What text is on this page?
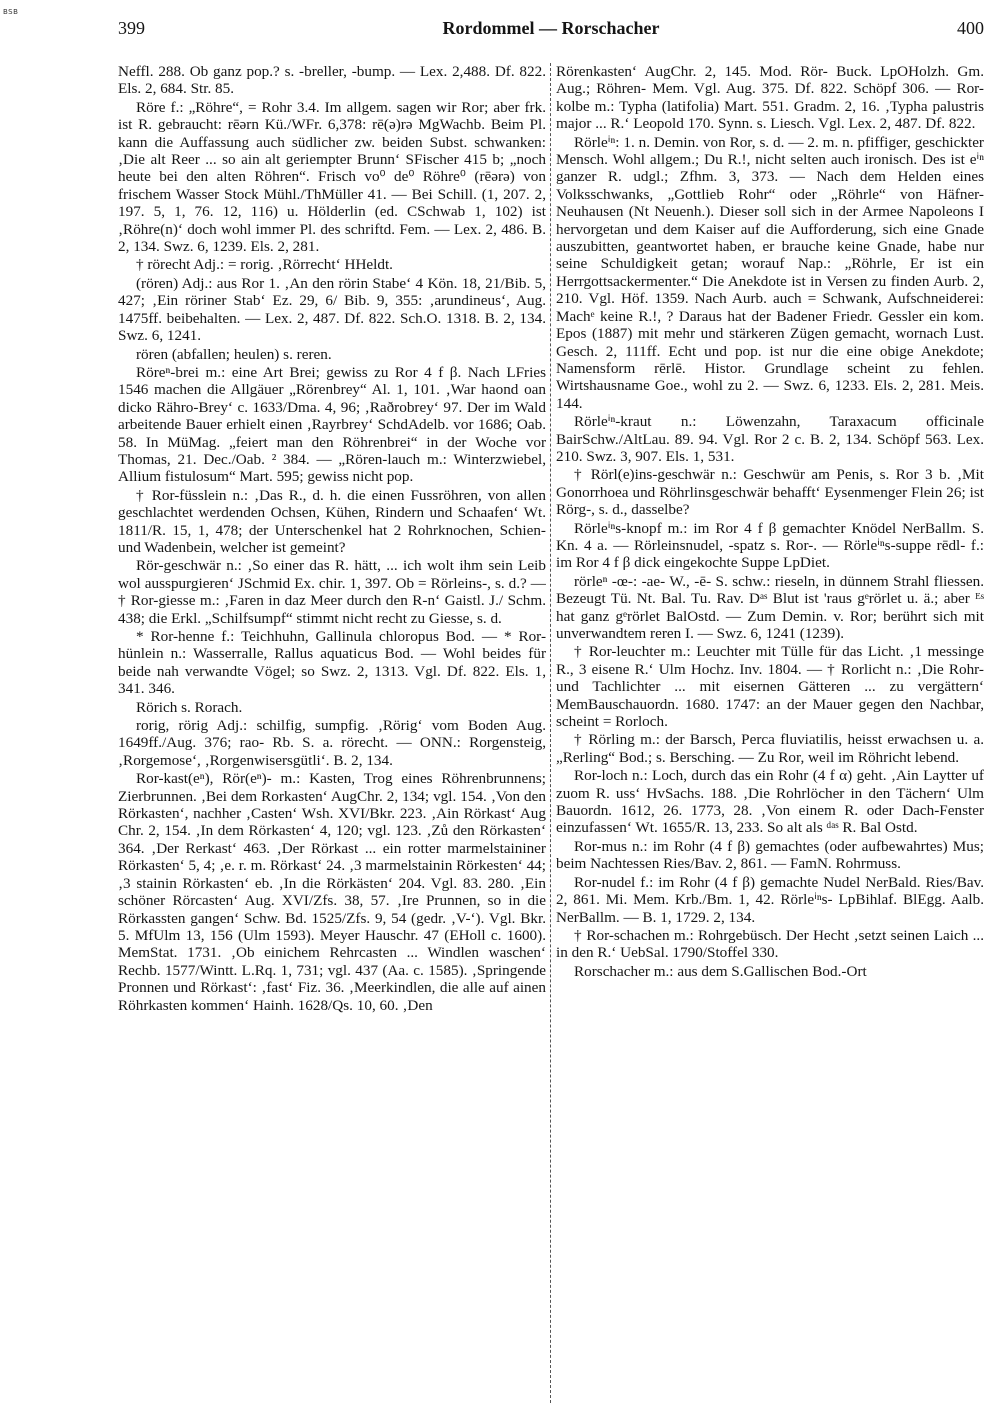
BSB
399	Rordommel — Rorschacher	400

Neffl. 288. Ob ganz pop.? s. -breller, -bump. — Lex. 2,488. Df. 822. Els. 2, 684. Str. 85.

Röre f.: „Röhre“, = Rohr 3.4. Im allgem. sagen wir Ror; aber frk. ist R. gebraucht: rēərn Kü./WFr. 6,378: rē(ə)rə MgWachb. Beim Pl. kann die Auffassung auch südlicher zw. beiden Subst. schwanken: ‚Die alt Reer ... so ain alt geriempter Brunn‘ SFischer 415 b; „noch heute bei den alten Röhren“. Frisch vo⁰ de⁰ Röhre⁰ (rēərə) von frischem Wasser Stock Mühl./ThMüller 41. — Bei Schill. (1, 207. 2, 197. 5, 1, 76. 12, 116) u. Hölderlin (ed. CSchwab 1, 102) ist ‚Röhre(n)‘ doch wohl immer Pl. des schriftd. Fem. — Lex. 2, 486. B. 2, 134. Swz. 6, 1239. Els. 2, 281.

† rörecht Adj.: = rorig. ‚Rörrecht‘ HHeldt.

(rören) Adj.: aus Ror 1. ‚An den rörin Stabe‘ 4 Kön. 18, 21/Bib. 5, 427; ‚Ein röriner Stab‘ Ez. 29, 6/ Bib. 9, 355: ‚arundineus‘, Aug. 1475ff. beibehalten. — Lex. 2, 487. Df. 822. Sch.O. 1318. B. 2, 134. Swz. 6, 1241.

rören (abfallen; heulen) s. reren.

Röreⁿ-brei m.: eine Art Brei; gewiss zu Ror 4 f β. Nach LFries 1546 machen die Allgäuer „Rörenbrey“ Al. 1, 101. ‚War haond oan dicko Rähro-Brey‘ c. 1633/Dma. 4, 96; ‚Raðrobrey‘ 97. Der im Wald arbeitende Bauer erhielt einen ‚Rayrbrey‘ SchdAdelb. vor 1686; Oab. 58. In MüMag. „feiert man den Röhrenbrei“ in der Woche vor Thomas, 21. Dec./Oab. ² 384. — „Rören-lauch m.: Winterzwiebel, Allium fistulosum“ Mart. 595; gewiss nicht pop.

† Ror-füsslein n.: ‚Das R., d. h. die einen Fussröhren, von allen geschlachtet werdenden Ochsen, Kühen, Rindern und Schaafen‘ Wt. 1811/R. 15, 1, 478; der Unterschenkel hat 2 Rohrknochen, Schien- und Wadenbein, welcher ist gemeint?

Rör-geschwär n.: ‚So einer das R. hätt, ... ich wolt ihm sein Leib wol ausspurgieren‘ JSchmid Ex. chir. 1, 397. Ob = Rörleins-, s. d.? — † Ror-giesse m.: ‚Faren in daz Meer durch den R-n‘ Gaistl. J./ Schm. 438; die Erkl. „Schilfsumpf“ stimmt nicht recht zu Giesse, s. d.

* Ror-henne f.: Teichhuhn, Gallinula chloropus Bod. — * Ror-hünlein n.: Wasserralle, Rallus aquaticus Bod. — Wohl beides für beide nah verwandte Vögel; so Swz. 2, 1313. Vgl. Df. 822. Els. 1, 341. 346.

Rörich s. Rorach.

rorig, rörig Adj.: schilfig, sumpfig. ‚Rörig‘ vom Boden Aug. 1649ff./Aug. 376; rao- Rb. S. a. rörecht. — ONN.: Rorgensteig, ‚Rorgemose‘, ‚Rorgenwisersgütli‘. B. 2, 134.

Ror-kast(eⁿ), Rör(eⁿ)- m.: Kasten, Trog eines Röhrenbrunnens; Zierbrunnen. ‚Bei dem Rorkasten‘ AugChr. 2, 134; vgl. 154. ‚Von den Rörkasten‘, nachher ‚Casten‘ Wsh. XVI/Bkr. 223. ‚Ain Rörkast‘ Aug Chr. 2, 154. ‚In dem Rörkasten‘ 4, 120; vgl. 123. ‚Zů den Rörkasten‘ 364. ‚Der Rerkast‘ 463. ‚Der Rörkast ... ein rotter marmelstaininer Rörkasten‘ 5, 4; ‚e. r. m. Rörkast‘ 24. ‚3 marmelstainin Rörkesten‘ 44; ‚3 stainin Rörkasten‘ eb. ‚In die Rörkästen‘ 204. Vgl. 83. 280. ‚Ein schöner Rörcasten‘ Aug. XVI/Zfs. 38, 57. ‚Ire Prunnen, so in die Rörkassten gangen‘ Schw. Bd. 1525/Zfs. 9, 54 (gedr. ‚V-‘). Vgl. Bkr. 5. MfUlm 13, 156 (Ulm 1593). Meyer Hauschr. 47 (EHoll c. 1600). MemStat. 1731. ‚Ob einichem Rehrcasten ... Windlen waschen‘ Rechb. 1577/Wintt. L.Rq. 1, 731; vgl. 437 (Aa. c. 1585). ‚Springende Pronnen und Rörkast‘: ‚fast‘ Fiz. 36. ‚Meerkindlen, die alle auf ainen Röhrkasten kommen‘ Hainh. 1628/Qs. 10, 60. ‚Den

Rörenkasten‘ AugChr. 2, 145. Mod. Rör- Buck. LpOHolzh. Gm. Aug.; Röhren- Mem. Vgl. Aug. 375. Df. 822. Schöpf 306. — Ror-kolbe m.: Typha (latifolia) Mart. 551. Gradm. 2, 16. ‚Typha palustris major ... R.‘ Leopold 170. Synn. s. Liesch. Vgl. Lex. 2, 487. Df. 822.

Rörleⁱⁿ: 1. n. Demin. von Ror, s. d. — 2. m. n. pfiffiger, geschickter Mensch. Wohl allgem.; Du R.!, nicht selten auch ironisch. Des ist eⁱⁿ ganzer R. udgl.; Zfhm. 3, 373. — Nach dem Helden eines Volksschwanks, „Gottlieb Rohr“ oder „Röhrle“ von Häfner-Neuhausen (Nt Neuenh.). Dieser soll sich in der Armee Napoleons I hervorgetan und dem Kaiser auf die Aufforderung, sich eine Gnade auszubitten, geantwortet haben, er brauche keine Gnade, habe nur seine Schuldigkeit getan; worauf Nap.: „Röhrle, Er ist ein Herrgottsackermenter.“ Die Anekdote ist in Versen zu finden Aurb. 2, 210. Vgl. Höf. 1359. Nach Aurb. auch = Schwank, Aufschneiderei: Machᵉ keine R.!, ? Daraus hat der Badener Friedr. Gessler ein kom. Epos (1887) mit mehr und stärkeren Zügen gemacht, wornach Lust. Gesch. 2, 111ff. Echt und pop. ist nur die eine obige Anekdote; Namensform rērlē. Histor. Grundlage scheint zu fehlen. Wirtshausname Goe., wohl zu 2. — Swz. 6, 1233. Els. 2, 281. Meis. 144.

Rörleⁱⁿ-kraut n.: Löwenzahn, Taraxacum officinale BairSchw./AltLau. 89. 94. Vgl. Ror 2 c. B. 2, 134. Schöpf 563. Lex. 210. Swz. 3, 907. Els. 1, 531.

† Rörl(e)ins-geschwär n.: Geschwür am Penis, s. Ror 3 b. ‚Mit Gonorrhoea und Röhrlinsgeschwär behafft‘ Eysenmenger Flein 26; ist Rörg-, s. d., dasselbe?

Rörleⁱⁿs-knopf m.: im Ror 4 f β gemachter Knödel NerBallm. S. Kn. 4 a. — Rörleinsnudel, -spatz s. Ror-. — Rörleⁱⁿs-suppe rēdl- f.: im Ror 4 f β dick eingekochte Suppe LpDiet.

rörleⁿ -œ-: -ae- W., -ē- S. schw.: rieseln, in dünnem Strahl fliessen. Bezeugt Tü. Nt. Bal. Tu. Rav. Dᵃˢ Blut ist 'raus gᵉrörlet u. ä.; aber ᴱˢ hat ganz gᵉrörlet BalOstd. — Zum Demin. v. Ror; berührt sich mit unverwandtem reren I. — Swz. 6, 1241 (1239).

† Ror-leuchter m.: Leuchter mit Tülle für das Licht. ‚1 messinge R., 3 eisene R.‘ Ulm Hochz. Inv. 1804. — † Rorlicht n.: ‚Die Rohr- und Tachlichter ... mit eisernen Gätteren ... zu vergättern‘ MemBauschauordn. 1680. 1747: an der Mauer gegen den Nachbar, scheint = Rorloch.

† Rörling m.: der Barsch, Perca fluviatilis, heisst erwachsen u. a. „Rerling“ Bod.; s. Bersching. — Zu Ror, weil im Röhricht lebend.

Ror-loch n.: Loch, durch das ein Rohr (4 f α) geht. ‚Ain Laytter uf zuom R. uss‘ HvSachs. 188. ‚Die Rohrlöcher in den Tächern‘ Ulm Bauordn. 1612, 26. 1773, 28. ‚Von einem R. oder Dach-Fenster einzufassen‘ Wt. 1655/R. 13, 233. So alt als ᵈᵃˢ R. Bal Ostd.

Ror-mus n.: im Rohr (4 f β) gemachtes (oder aufbewahrtes) Mus; beim Nachtessen Ries/Bav. 2, 861. — FamN. Rohrmuss.

Ror-nudel f.: im Rohr (4 f β) gemachte Nudel NerBald. Ries/Bav. 2, 861. Mi. Mem. Krb./Bm. 1, 42. Rörleⁱⁿs- LpBihlaf. BlEgg. Aalb. NerBallm. — B. 1, 1729. 2, 134.

† Ror-schachen m.: Rohrgebüsch. Der Hecht ‚setzt seinen Laich ... in den R.‘ UebSal. 1790/Stoffel 330.

Rorschacher m.: aus dem S.Gallischen Bod.-Ort
